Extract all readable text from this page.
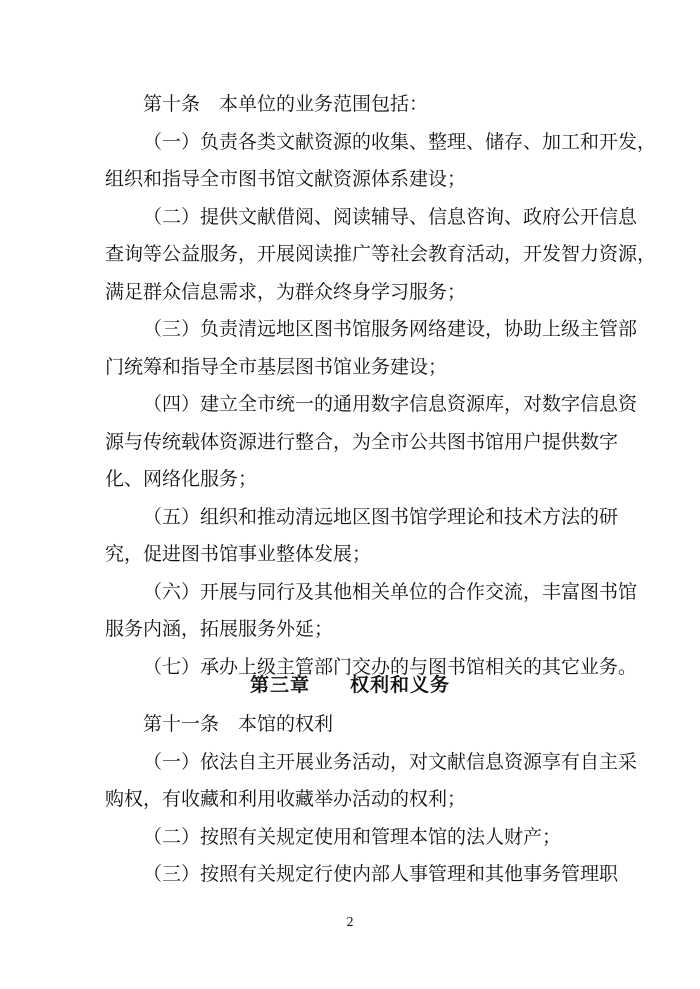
第十条　本单位的业务范围包括：
（一）负责各类文献资源的收集、整理、储存、加工和开发，
组织和指导全市图书馆文献资源体系建设；
（二）提供文献借阅、阅读辅导、信息咨询、政府公开信息
查询等公益服务，开展阅读推广等社会教育活动，开发智力资源，
满足群众信息需求，为群众终身学习服务；
（三）负责清远地区图书馆服务网络建设，协助上级主管部
门统筹和指导全市基层图书馆业务建设；
（四）建立全市统一的通用数字信息资源库，对数字信息资
源与传统载体资源进行整合，为全市公共图书馆用户提供数字
化、网络化服务；
（五）组织和推动清远地区图书馆学理论和技术方法的研
究，促进图书馆事业整体发展；
（六）开展与同行及其他相关单位的合作交流，丰富图书馆
服务内涵，拓展服务外延；
（七）承办上级主管部门交办的与图书馆相关的其它业务。
第三章　　权利和义务
第十一条　本馆的权利
（一）依法自主开展业务活动，对文献信息资源享有自主采
购权，有收藏和利用收藏举办活动的权利；
（二）按照有关规定使用和管理本馆的法人财产；
（三）按照有关规定行使内部人事管理和其他事务管理职
2
